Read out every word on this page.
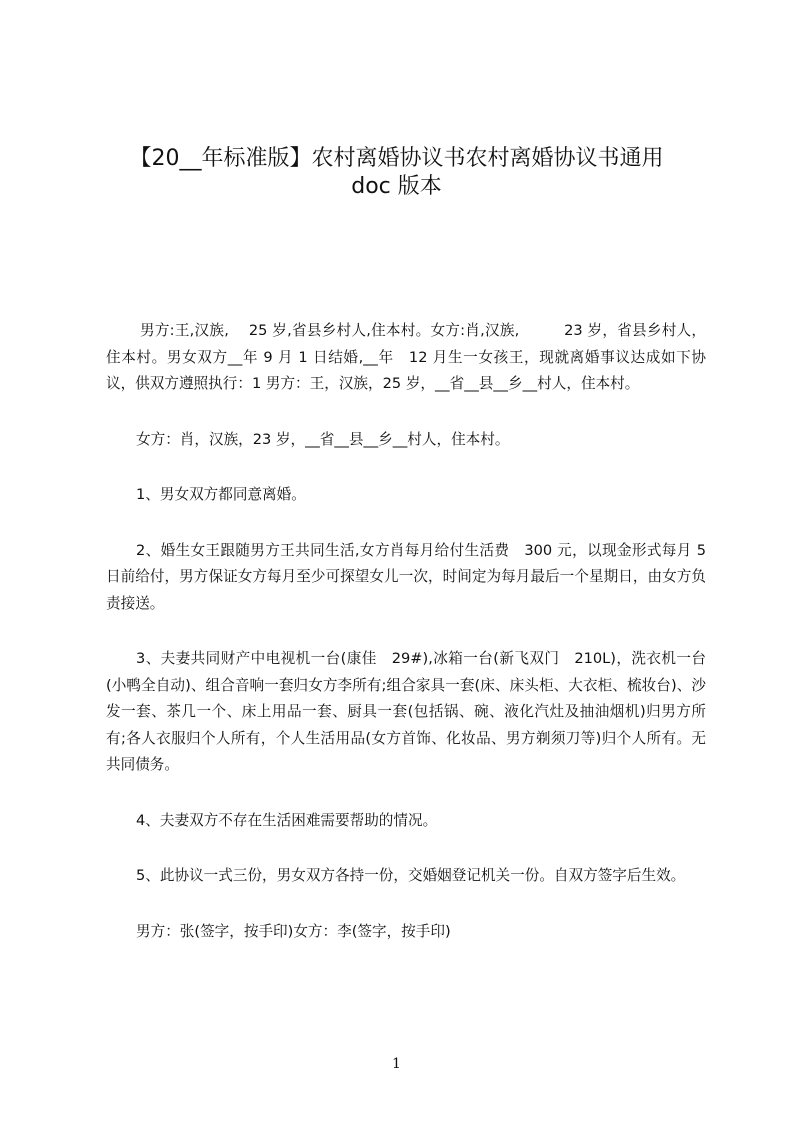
【20__年标准版】农村离婚协议书农村离婚协议书通用
doc 版本

男方:王,汉族,　 25 岁,省县乡村人,住本村。女方:肖,汉族,　　　23 岁，省县乡村人，住本村。男女双方__年 9 月 1 日结婚,__年　12 月生一女孩王，现就离婚事议达成如下协议，供双方遵照执行：1 男方：王，汉族，25 岁，__省__县__乡__村人，住本村。

女方：肖，汉族，23 岁，__省__县__乡__村人，住本村。

1、男女双方都同意离婚。

2、婚生女王跟随男方王共同生活,女方肖每月给付生活费　300 元，以现金形式每月 5 日前给付，男方保证女方每月至少可探望女儿一次，时间定为每月最后一个星期日，由女方负责接送。

3、夫妻共同财产中电视机一台(康佳　29#),冰箱一台(新飞双门　210L)，洗衣机一台(小鸭全自动)、组合音响一套归女方李所有;组合家具一套(床、床头柜、大衣柜、梳妆台)、沙发一套、茶几一个、床上用品一套、厨具一套(包括锅、碗、液化汽灶及抽油烟机)归男方所有;各人衣服归个人所有，个人生活用品(女方首饰、化妆品、男方剃须刀等)归个人所有。无共同债务。

4、夫妻双方不存在生活困难需要帮助的情况。

5、此协议一式三份，男女双方各持一份，交婚姻登记机关一份。自双方签字后生效。

男方：张(签字，按手印)女方：李(签字，按手印)

1
